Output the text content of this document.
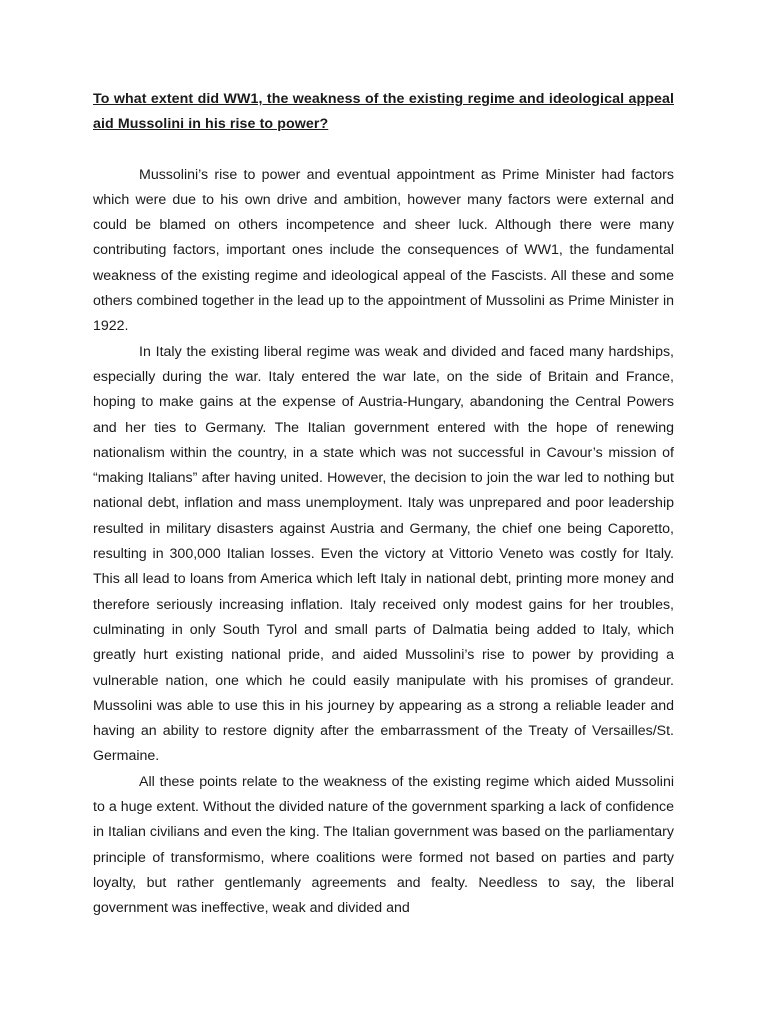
To what extent did WW1, the weakness of the existing regime and ideological appeal aid Mussolini in his rise to power?

Mussolini’s rise to power and eventual appointment as Prime Minister had factors which were due to his own drive and ambition, however many factors were external and could be blamed on others incompetence and sheer luck. Although there were many contributing factors, important ones include the consequences of WW1, the fundamental weakness of the existing regime and ideological appeal of the Fascists. All these and some others combined together in the lead up to the appointment of Mussolini as Prime Minister in 1922.

In Italy the existing liberal regime was weak and divided and faced many hardships, especially during the war. Italy entered the war late, on the side of Britain and France, hoping to make gains at the expense of Austria-Hungary, abandoning the Central Powers and her ties to Germany. The Italian government entered with the hope of renewing nationalism within the country, in a state which was not successful in Cavour’s mission of “making Italians” after having united. However, the decision to join the war led to nothing but national debt, inflation and mass unemployment. Italy was unprepared and poor leadership resulted in military disasters against Austria and Germany, the chief one being Caporetto, resulting in 300,000 Italian losses. Even the victory at Vittorio Veneto was costly for Italy. This all lead to loans from America which left Italy in national debt, printing more money and therefore seriously increasing inflation. Italy received only modest gains for her troubles, culminating in only South Tyrol and small parts of Dalmatia being added to Italy, which greatly hurt existing national pride, and aided Mussolini’s rise to power by providing a vulnerable nation, one which he could easily manipulate with his promises of grandeur. Mussolini was able to use this in his journey by appearing as a strong a reliable leader and having an ability to restore dignity after the embarrassment of the Treaty of Versailles/St. Germaine.

All these points relate to the weakness of the existing regime which aided Mussolini to a huge extent. Without the divided nature of the government sparking a lack of confidence in Italian civilians and even the king. The Italian government was based on the parliamentary principle of transformismo, where coalitions were formed not based on parties and party loyalty, but rather gentlemanly agreements and fealty. Needless to say, the liberal government was ineffective, weak and divided and
